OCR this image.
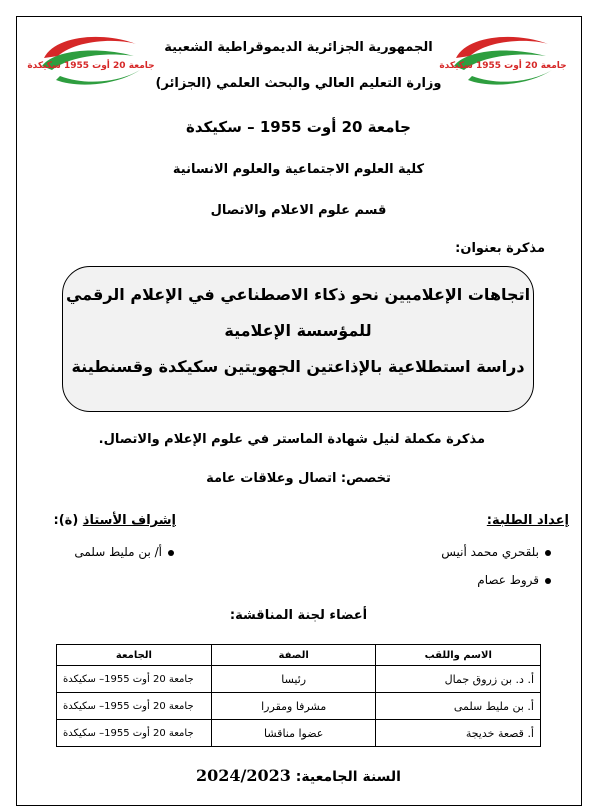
جامعة 20 أوت 1955 سكيكدة	جامعة 20 أوت 1955 سكيكدة
الجمهورية الجزائرية الديموقراطية الشعبية
وزارة التعليم العالي والبحث العلمي (الجزائر)
جامعة 20 أوت 1955 – سكيكدة
كلية العلوم الاجتماعية والعلوم الانسانية
قسم علوم الاعلام والاتصال
مذكرة بعنوان:
اتجاهات الإعلاميين نحو ذكاء الاصطناعي في الإعلام الرقمي
للمؤسسة الإعلامية
دراسة استطلاعية بالإذاعتين الجهويتين سكيكدة وقسنطينة
مذكرة مكملة لنيل شهادة الماستر في علوم الإعلام والاتصال.
تخصص: اتصال وعلاقات عامة
إعداد الطلبة:
بلقحري محمد أنيس
قروط عصام
إشراف الأستاذ (ة):
أ/ بن مليط سلمى
أعضاء لجنة المناقشة:
الاسم واللقب	الصفة	الجامعة
أ. د. بن زروق جمال	رئيسا	جامعة 20 أوت 1955– سكيكدة
أ. بن مليط سلمى	مشرفا ومقررا	جامعة 20 أوت 1955– سكيكدة
أ. قصعة خديجة	عضوا مناقشا	جامعة 20 أوت 1955– سكيكدة
السنة الجامعية: 2024/2023
